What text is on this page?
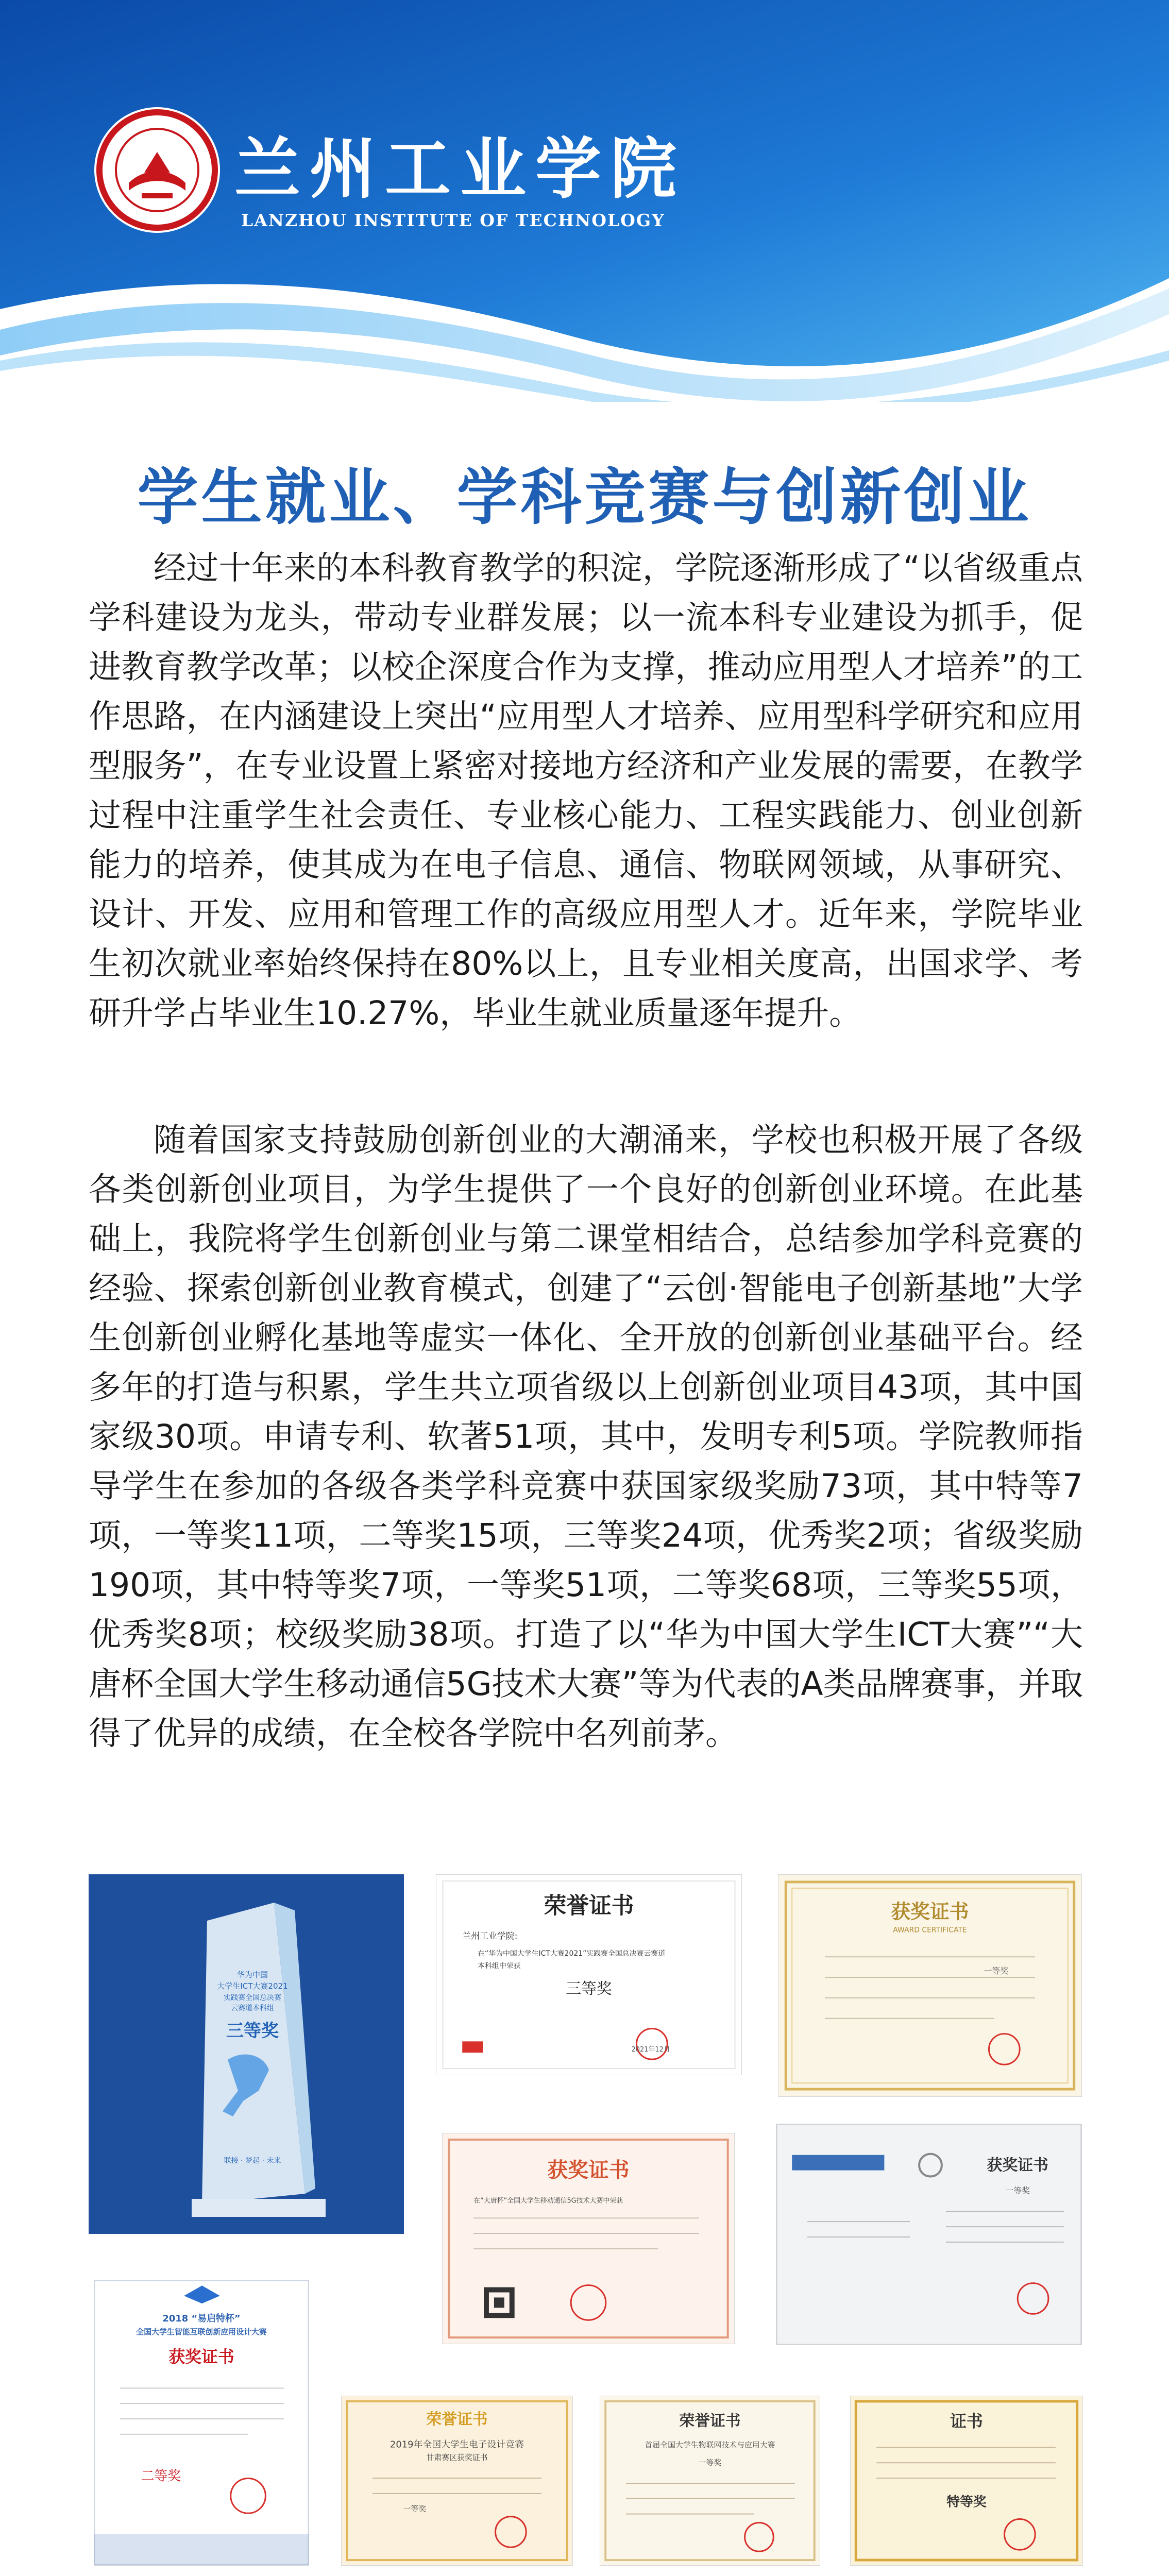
兰州工业学院
LANZHOU INSTITUTE OF TECHNOLOGY
学生就业、学科竞赛与创新创业

经过十年来的本科教育教学的积淀，学院逐渐形成了“以省级重点学科建设为龙头，带动专业群发展；以一流本科专业建设为抓手，促进教育教学改革；以校企深度合作为支撑，推动应用型人才培养”的工作思路，在内涵建设上突出“应用型人才培养、应用型科学研究和应用型服务”，在专业设置上紧密对接地方经济和产业发展的需要，在教学过程中注重学生社会责任、专业核心能力、工程实践能力、创业创新能力的培养，使其成为在电子信息、通信、物联网领域，从事研究、设计、开发、应用和管理工作的高级应用型人才。近年来，学院毕业生初次就业率始终保持在80%以上，且专业相关度高，出国求学、考研升学占毕业生10.27%，毕业生就业质量逐年提升。

随着国家支持鼓励创新创业的大潮涌来，学校也积极开展了各级各类创新创业项目，为学生提供了一个良好的创新创业环境。在此基础上，我院将学生创新创业与第二课堂相结合，总结参加学科竞赛的经验、探索创新创业教育模式，创建了“云创·智能电子创新基地”大学生创新创业孵化基地等虚实一体化、全开放的创新创业基础平台。经多年的打造与积累，学生共立项省级以上创新创业项目43项，其中国家级30项。申请专利、软著51项，其中，发明专利5项。学院教师指导学生在参加的各级各类学科竞赛中获国家级奖励73项，其中特等7项，一等奖11项，二等奖15项，三等奖24项，优秀奖2项；省级奖励190项，其中特等奖7项，一等奖51项，二等奖68项，三等奖55项，优秀奖8项；校级奖励38项。打造了以“华为中国大学生ICT大赛”“大唐杯全国大学生移动通信5G技术大赛”等为代表的A类品牌赛事，并取得了优异的成绩，在全校各学院中名列前茅。

华为中国
大学生ICT大赛2021
实践赛全国总决赛
云赛道本科组
三等奖
联接 · 梦起 · 未来
荣誉证书
兰州工业学院:
在“华为中国大学生ICT大赛2021”实践赛全国总决赛云赛道
本科组中荣获
三等奖
2021年12月
获奖证书
AWARD CERTIFICATE
一等奖
获奖证书
在“大唐杯”全国大学生移动通信5G技术大赛中荣获
获奖证书
一等奖
2018 “易启特杯”
全国大学生智能互联创新应用设计大赛
获奖证书
二等奖
荣誉证书
2019年全国大学生电子设计竞赛
甘肃赛区获奖证书
一等奖
荣誉证书
首届全国大学生物联网技术与应用大赛
一等奖
证书
特等奖
